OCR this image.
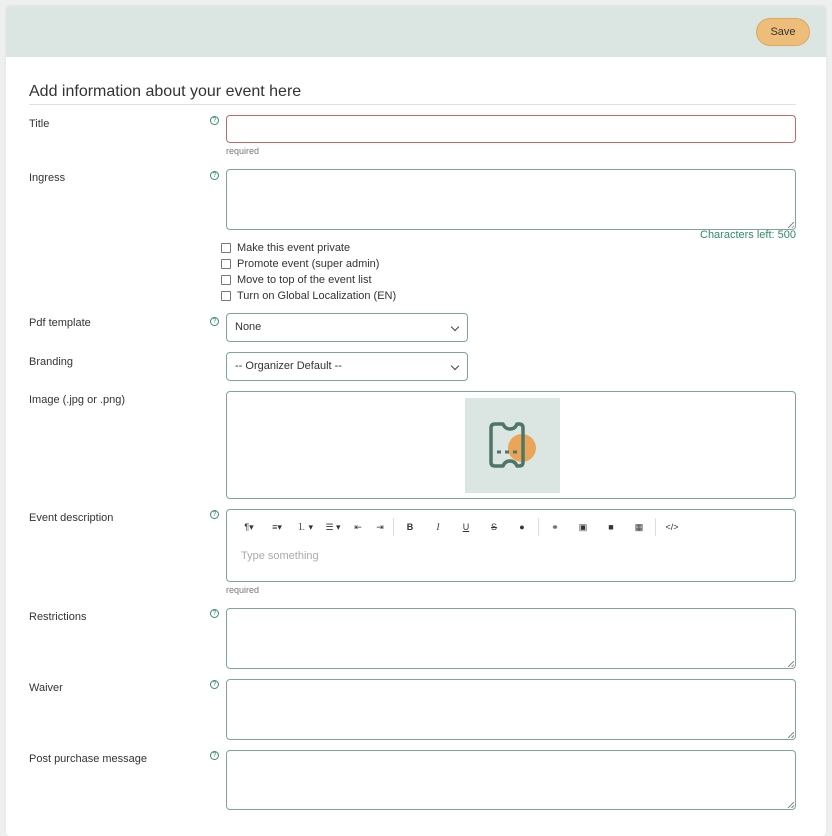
Save
Add information about your event here
Title	?
required
Ingress	?
Characters left: 500
Make this event private
Promote event (super admin)
Move to top of the event list
Turn on Global Localization (EN)
Pdf template	?	None
Branding	-- Organizer Default --
Image (.jpg or .png)
Event description	?
¶▾	≡▾	⒈ ▾	☰ ▾	⇤	⇥	B	I	U	S	●	⚭	▣	■	▦	</>
Type something
required
Restrictions	?
Waiver	?
Post purchase message	?
